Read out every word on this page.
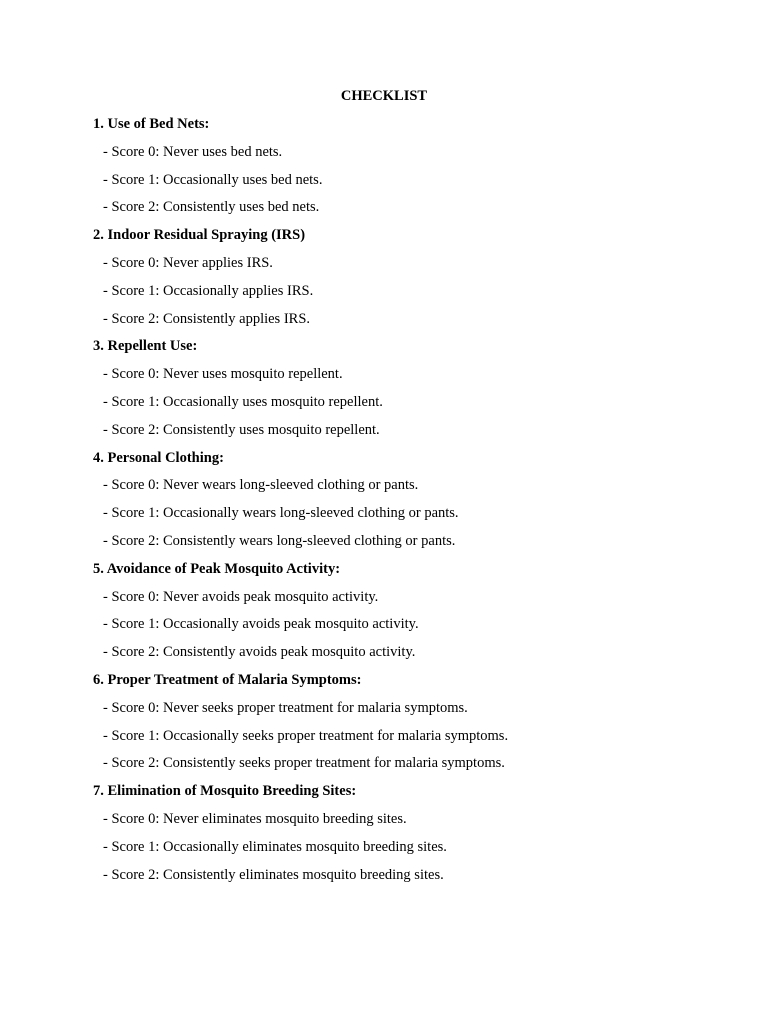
CHECKLIST
1. Use of Bed Nets:
- Score 0: Never uses bed nets.
- Score 1: Occasionally uses bed nets.
- Score 2: Consistently uses bed nets.
2. Indoor Residual Spraying (IRS)
- Score 0: Never applies IRS.
- Score 1: Occasionally applies IRS.
- Score 2: Consistently applies IRS.
3. Repellent Use:
- Score 0: Never uses mosquito repellent.
- Score 1: Occasionally uses mosquito repellent.
- Score 2: Consistently uses mosquito repellent.
4. Personal Clothing:
- Score 0: Never wears long-sleeved clothing or pants.
- Score 1: Occasionally wears long-sleeved clothing or pants.
- Score 2: Consistently wears long-sleeved clothing or pants.
5. Avoidance of Peak Mosquito Activity:
- Score 0: Never avoids peak mosquito activity.
- Score 1: Occasionally avoids peak mosquito activity.
- Score 2: Consistently avoids peak mosquito activity.
6. Proper Treatment of Malaria Symptoms:
- Score 0: Never seeks proper treatment for malaria symptoms.
- Score 1: Occasionally seeks proper treatment for malaria symptoms.
- Score 2: Consistently seeks proper treatment for malaria symptoms.
7. Elimination of Mosquito Breeding Sites:
- Score 0: Never eliminates mosquito breeding sites.
- Score 1: Occasionally eliminates mosquito breeding sites.
- Score 2: Consistently eliminates mosquito breeding sites.
